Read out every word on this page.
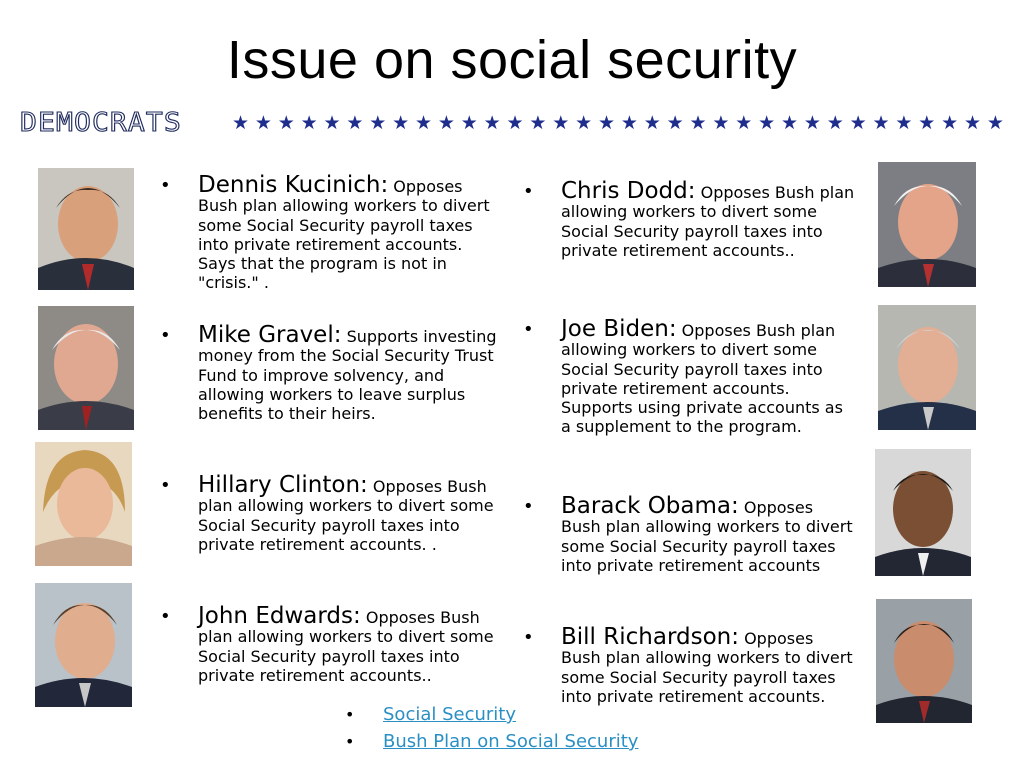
Issue on social security
DEMOCRATS	★ ★ ★ ★ ★ ★ ★ ★ ★ ★ ★ ★ ★ ★ ★ ★ ★ ★ ★ ★ ★ ★ ★ ★ ★ ★ ★ ★ ★ ★ ★ ★ ★ ★
• Dennis Kucinich: Opposes Bush plan allowing workers to divert some Social Security payroll taxes into private retirement accounts. Says that the program is not in "crisis." .
• Mike Gravel: Supports investing money from the Social Security Trust Fund to improve solvency, and allowing workers to leave surplus benefits to their heirs.
• Hillary Clinton: Opposes Bush plan allowing workers to divert some Social Security payroll taxes into private retirement accounts. .
• John Edwards: Opposes Bush plan allowing workers to divert some Social Security payroll taxes into private retirement accounts..
• Chris Dodd: Opposes Bush plan allowing workers to divert some Social Security payroll taxes into private retirement accounts..
• Joe Biden: Opposes Bush plan allowing workers to divert some Social Security payroll taxes into private retirement accounts. Supports using private accounts as a supplement to the program.
• Barack Obama: Opposes Bush plan allowing workers to divert some Social Security payroll taxes into private retirement accounts
• Bill Richardson: Opposes Bush plan allowing workers to divert some Social Security payroll taxes into private retirement accounts.
• Social Security
• Bush Plan on Social Security
